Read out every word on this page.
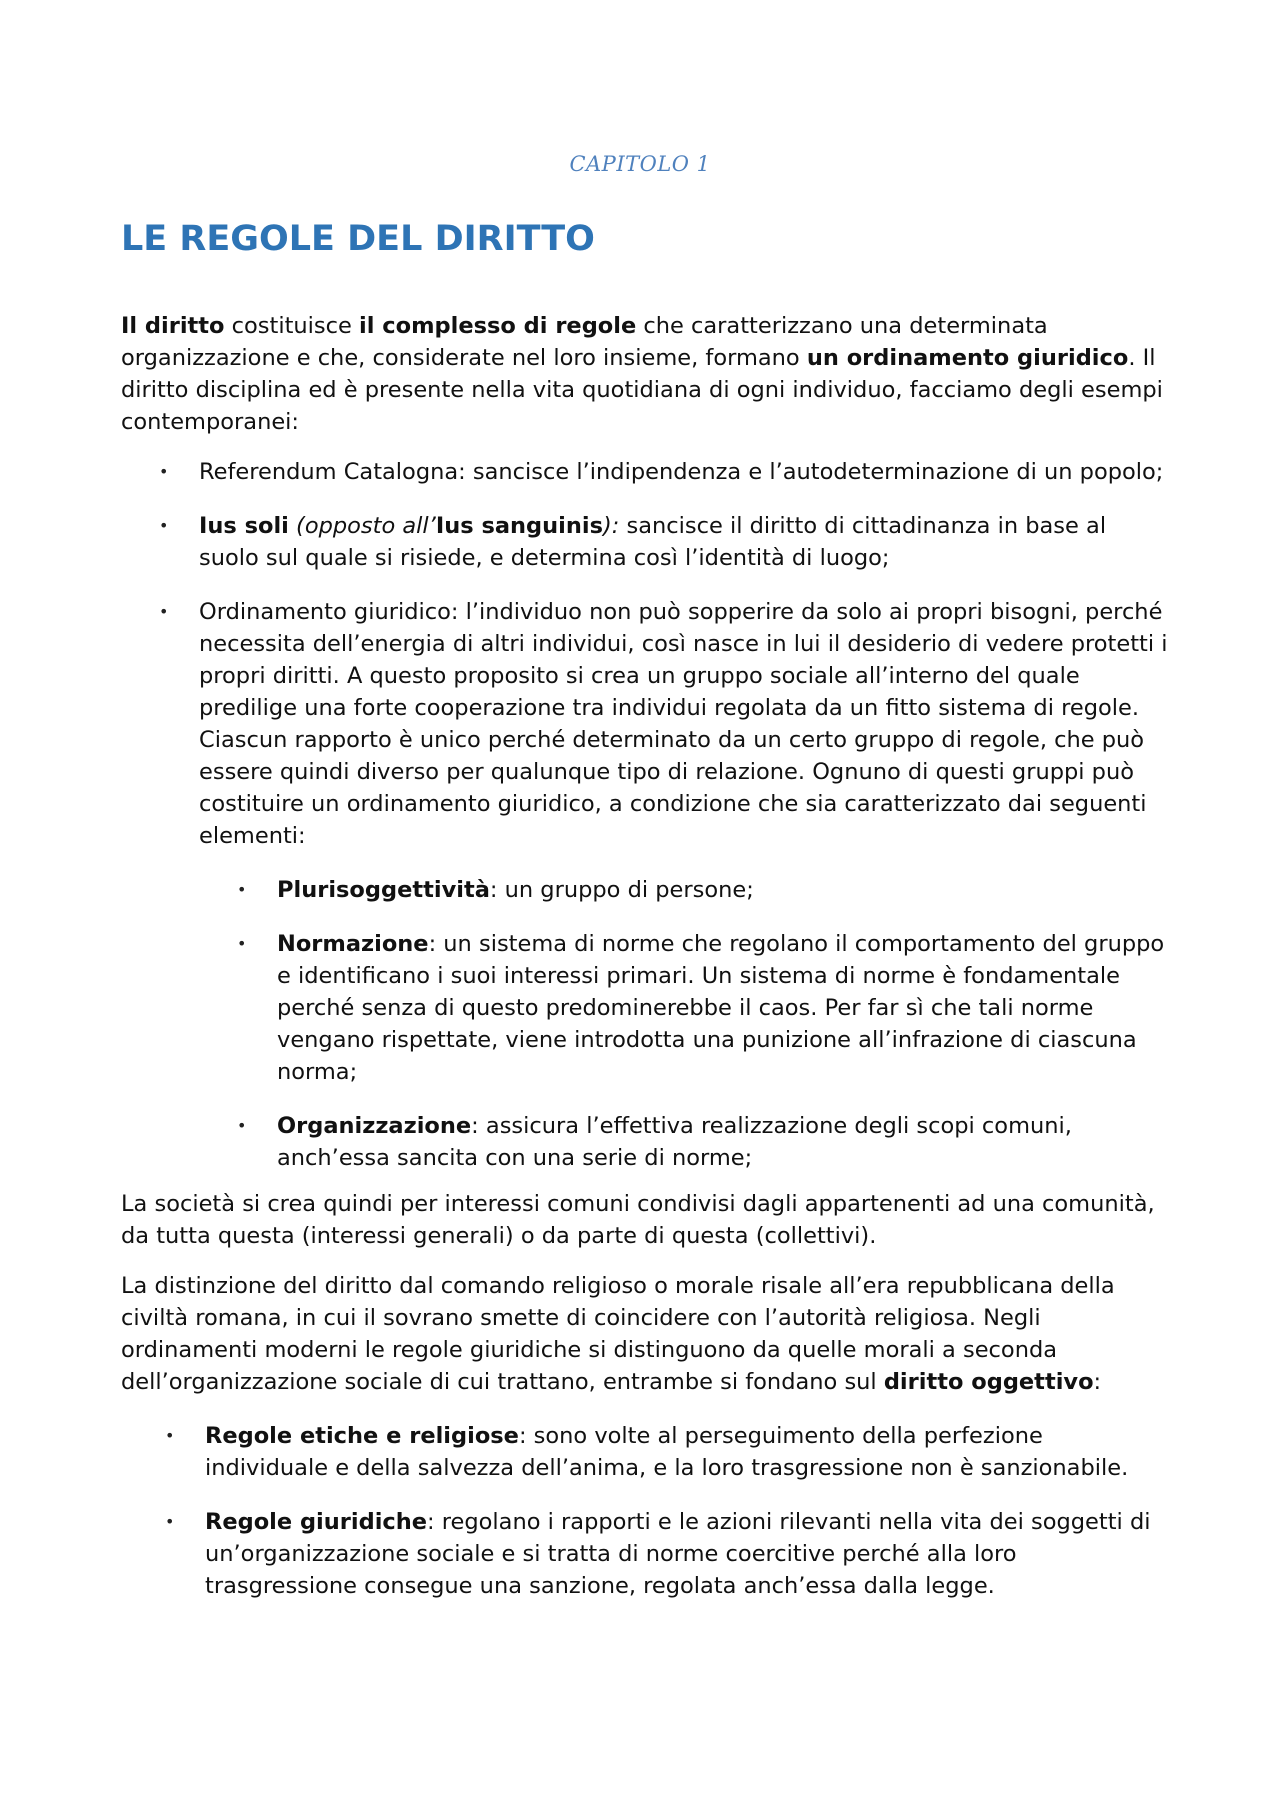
CAPITOLO 1
LE REGOLE DEL DIRITTO

Il diritto costituisce il complesso di regole che caratterizzano una determinata organizzazione e che, considerate nel loro insieme, formano un ordinamento giuridico. Il diritto disciplina ed è presente nella vita quotidiana di ogni individuo, facciamo degli esempi contemporanei:

• Referendum Catalogna: sancisce l’indipendenza e l’autodeterminazione di un popolo;
• Ius soli (opposto all’Ius sanguinis): sancisce il diritto di cittadinanza in base al suolo sul quale si risiede, e determina così l’identità di luogo;
• Ordinamento giuridico: l’individuo non può sopperire da solo ai propri bisogni, perché necessita dell’energia di altri individui, così nasce in lui il desiderio di vedere protetti i propri diritti. A questo proposito si crea un gruppo sociale all’interno del quale predilige una forte cooperazione tra individui regolata da un fitto sistema di regole. Ciascun rapporto è unico perché determinato da un certo gruppo di regole, che può essere quindi diverso per qualunque tipo di relazione. Ognuno di questi gruppi può costituire un ordinamento giuridico, a condizione che sia caratterizzato dai seguenti elementi:
• Plurisoggettività: un gruppo di persone;
• Normazione: un sistema di norme che regolano il comportamento del gruppo e identificano i suoi interessi primari. Un sistema di norme è fondamentale perché senza di questo predominerebbe il caos. Per far sì che tali norme vengano rispettate, viene introdotta una punizione all’infrazione di ciascuna norma;
• Organizzazione: assicura l’effettiva realizzazione degli scopi comuni, anch’essa sancita con una serie di norme;

La società si crea quindi per interessi comuni condivisi dagli appartenenti ad una comunità, da tutta questa (interessi generali) o da parte di questa (collettivi).

La distinzione del diritto dal comando religioso o morale risale all’era repubblicana della civiltà romana, in cui il sovrano smette di coincidere con l’autorità religiosa. Negli ordinamenti moderni le regole giuridiche si distinguono da quelle morali a seconda dell’organizzazione sociale di cui trattano, entrambe si fondano sul diritto oggettivo:

• Regole etiche e religiose: sono volte al perseguimento della perfezione individuale e della salvezza dell’anima, e la loro trasgressione non è sanzionabile.
• Regole giuridiche: regolano i rapporti e le azioni rilevanti nella vita dei soggetti di un’organizzazione sociale e si tratta di norme coercitive perché alla loro trasgressione consegue una sanzione, regolata anch’essa dalla legge.
